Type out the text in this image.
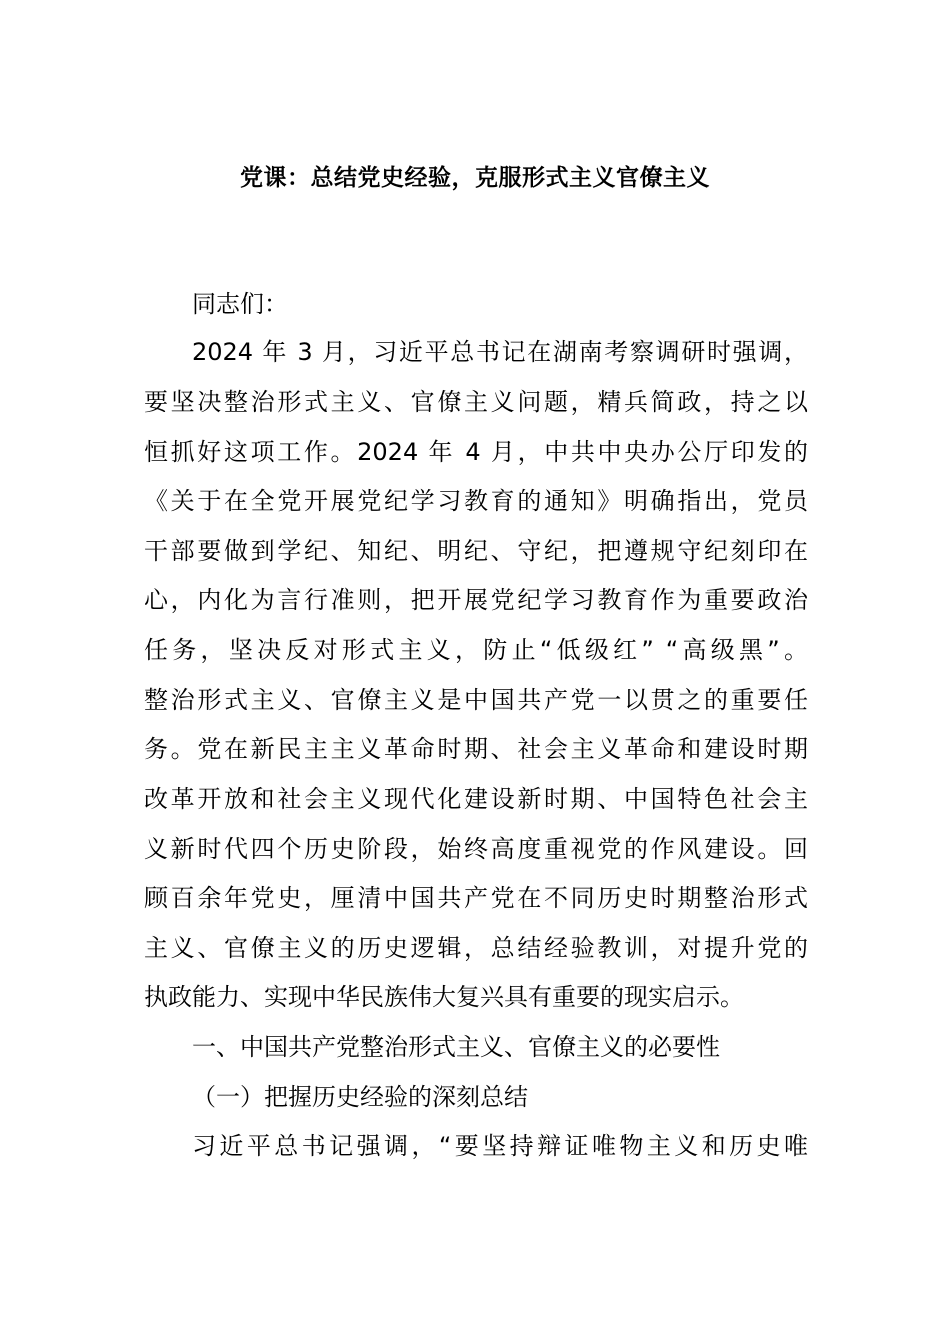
党课：总结党史经验，克服形式主义官僚主义
同志们：
2024 年 3 月，习近平总书记在湖南考察调研时强调，
要坚决整治形式主义、官僚主义问题，精兵简政，持之以
恒抓好这项工作。2024 年 4 月，中共中央办公厅印发的
《关于在全党开展党纪学习教育的通知》明确指出，党员
干部要做到学纪、知纪、明纪、守纪，把遵规守纪刻印在
心，内化为言行准则，把开展党纪学习教育作为重要政治
任务，坚决反对形式主义，防止“低级红” “高级黑”。
整治形式主义、官僚主义是中国共产党一以贯之的重要任
务。党在新民主主义革命时期、社会主义革命和建设时期
改革开放和社会主义现代化建设新时期、中国特色社会主
义新时代四个历史阶段，始终高度重视党的作风建设。回
顾百余年党史，厘清中国共产党在不同历史时期整治形式
主义、官僚主义的历史逻辑，总结经验教训，对提升党的
执政能力、实现中华民族伟大复兴具有重要的现实启示。
一、中国共产党整治形式主义、官僚主义的必要性
（一）把握历史经验的深刻总结
习近平总书记强调，“要坚持辩证唯物主义和历史唯
